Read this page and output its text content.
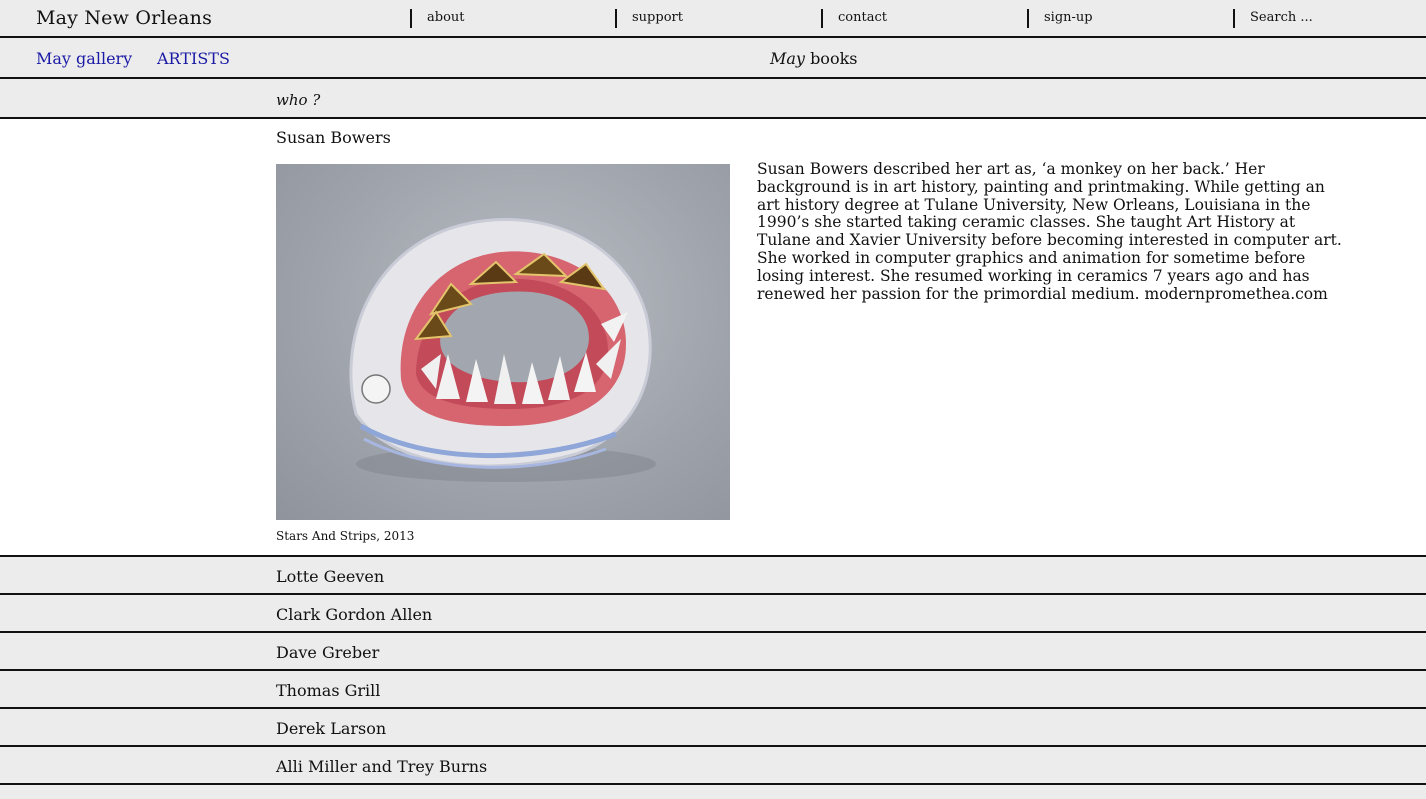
May New Orleans	about	support	contact	sign-up	Search ...
May gallery ARTISTS	May books
who ?
Susan Bowers
Stars And Strips, 2013

Susan Bowers described her art as, ‘a monkey on her back.’ Her background is in art history, painting and printmaking. While getting an art history degree at Tulane University, New Orleans, Louisiana in the 1990’s she started taking ceramic classes. She taught Art History at Tulane and Xavier University before becoming interested in computer art. She worked in computer graphics and animation for sometime before losing interest. She resumed working in ceramics 7 years ago and has renewed her passion for the primordial medium. modernpromethea.com

Lotte Geeven
Clark Gordon Allen
Dave Greber
Thomas Grill
Derek Larson
Alli Miller and Trey Burns
